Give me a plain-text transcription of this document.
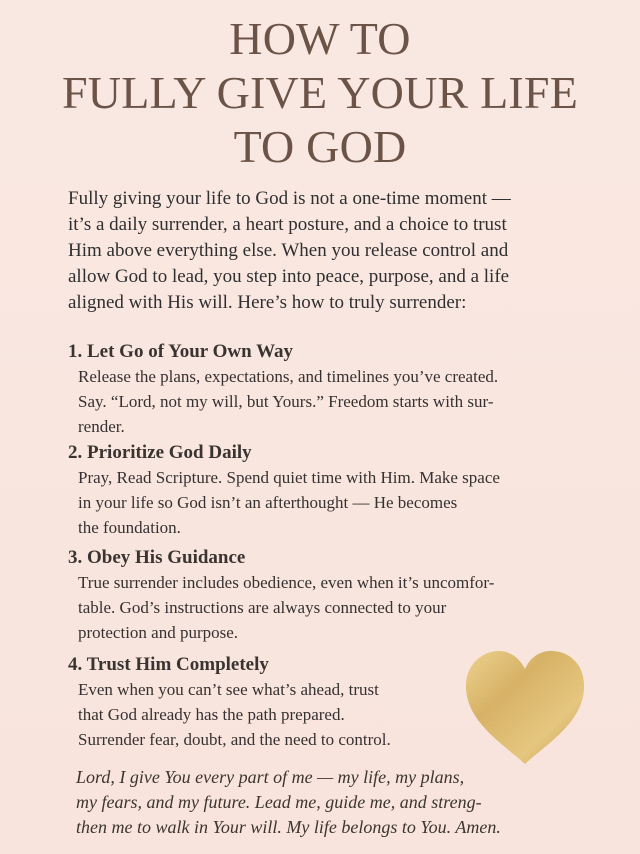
HOW TO
FULLY GIVE YOUR LIFE
TO GOD
Fully giving your life to God is not a one-time moment —
it’s a daily surrender, a heart posture, and a choice to trust
Him above everything else. When you release control and
allow God to lead, you step into peace, purpose, and a life
aligned with His will. Here’s how to truly surrender:
1. Let Go of Your Own Way
Release the plans, expectations, and timelines you’ve created.
Say. “Lord, not my will, but Yours.” Freedom starts with sur-
render.
2. Prioritize God Daily
Pray, Read Scripture. Spend quiet time with Him. Make space
in your life so God isn’t an afterthought — He becomes
the foundation.
3. Obey His Guidance
True surrender includes obedience, even when it’s uncomfor-
table. God’s instructions are always connected to your
protection and purpose.
4. Trust Him Completely
Even when you can’t see what’s ahead, trust
that God already has the path prepared.
Surrender fear, doubt, and the need to control.
Lord, I give You every part of me — my life, my plans,
my fears, and my future. Lead me, guide me, and streng-
then me to walk in Your will. My life belongs to You. Amen.
